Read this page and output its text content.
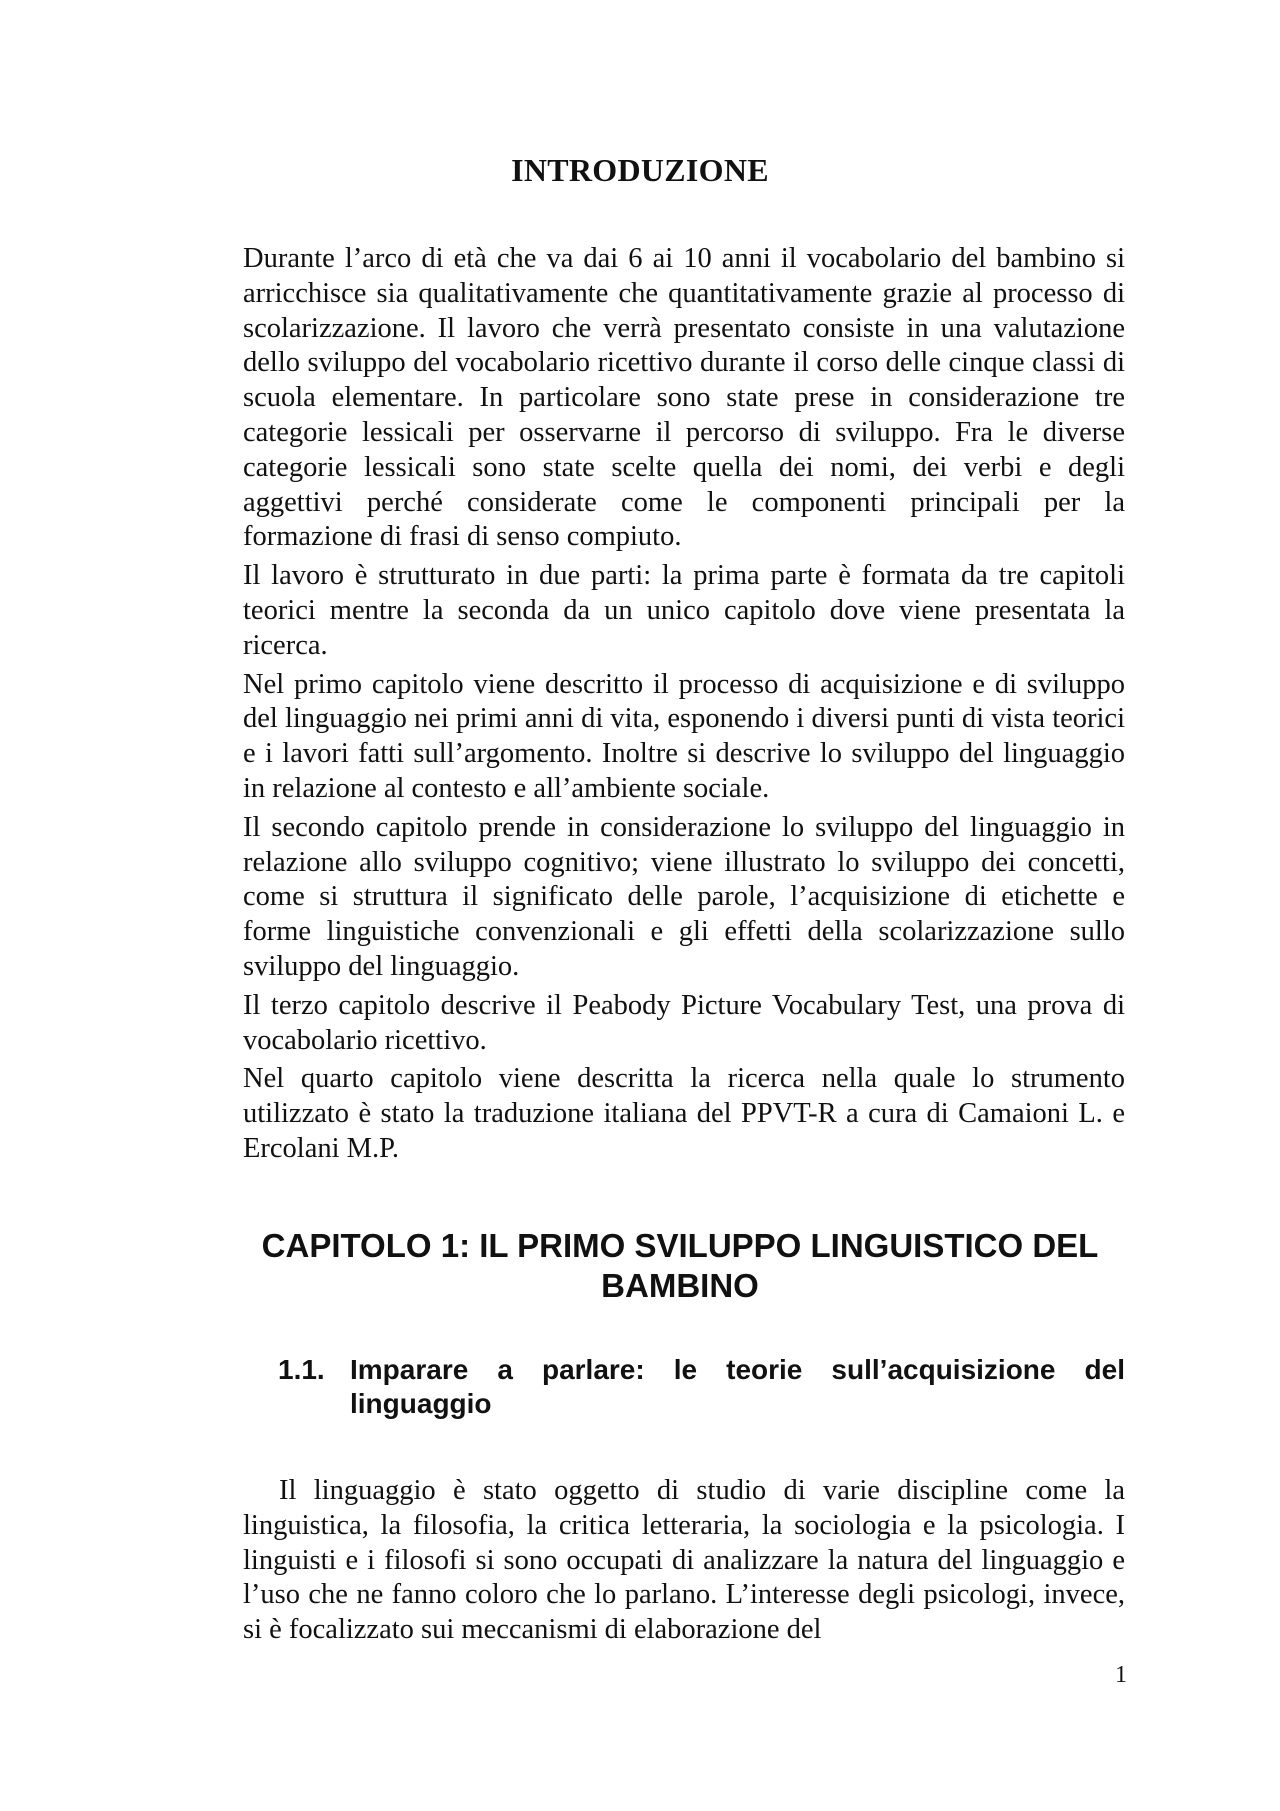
INTRODUZIONE

Durante l’arco di età che va dai 6 ai 10 anni il vocabolario del bambino si arricchisce sia qualitativamente che quantitativamente grazie al processo di scolarizzazione. Il lavoro che verrà presentato consiste in una valutazione dello sviluppo del vocabolario ricettivo durante il corso delle cinque classi di scuola elementare. In particolare sono state prese in considerazione tre categorie lessicali per osservarne il percorso di sviluppo. Fra le diverse categorie lessicali sono state scelte quella dei nomi, dei verbi e degli aggettivi perché considerate come le componenti principali per la formazione di frasi di senso compiuto.

Il lavoro è strutturato in due parti: la prima parte è formata da tre capitoli teorici mentre la seconda da un unico capitolo dove viene presentata la ricerca.

Nel primo capitolo viene descritto il processo di acquisizione e di sviluppo del linguaggio nei primi anni di vita, esponendo i diversi punti di vista teorici e i lavori fatti sull’argomento. Inoltre si descrive lo sviluppo del linguaggio in relazione al contesto e all’ambiente sociale.

Il secondo capitolo prende in considerazione lo sviluppo del linguaggio in relazione allo sviluppo cognitivo; viene illustrato lo sviluppo dei concetti, come si struttura il significato delle parole, l’acquisizione di etichette e forme linguistiche convenzionali e gli effetti della scolarizzazione sullo sviluppo del linguaggio.

Il terzo capitolo descrive il Peabody Picture Vocabulary Test, una prova di vocabolario ricettivo.

Nel quarto capitolo viene descritta la ricerca nella quale lo strumento utilizzato è stato la traduzione italiana del PPVT-R a cura di Camaioni L. e Ercolani M.P.

CAPITOLO 1: IL PRIMO SVILUPPO LINGUISTICO DEL BAMBINO
1.1. Imparare a parlare: le teorie sull’acquisizione del linguaggio

Il linguaggio è stato oggetto di studio di varie discipline come la linguistica, la filosofia, la critica letteraria, la sociologia e la psicologia. I linguisti e i filosofi si sono occupati di analizzare la natura del linguaggio e l’uso che ne fanno coloro che lo parlano. L’interesse degli psicologi, invece, si è focalizzato sui meccanismi di elaborazione del

1
